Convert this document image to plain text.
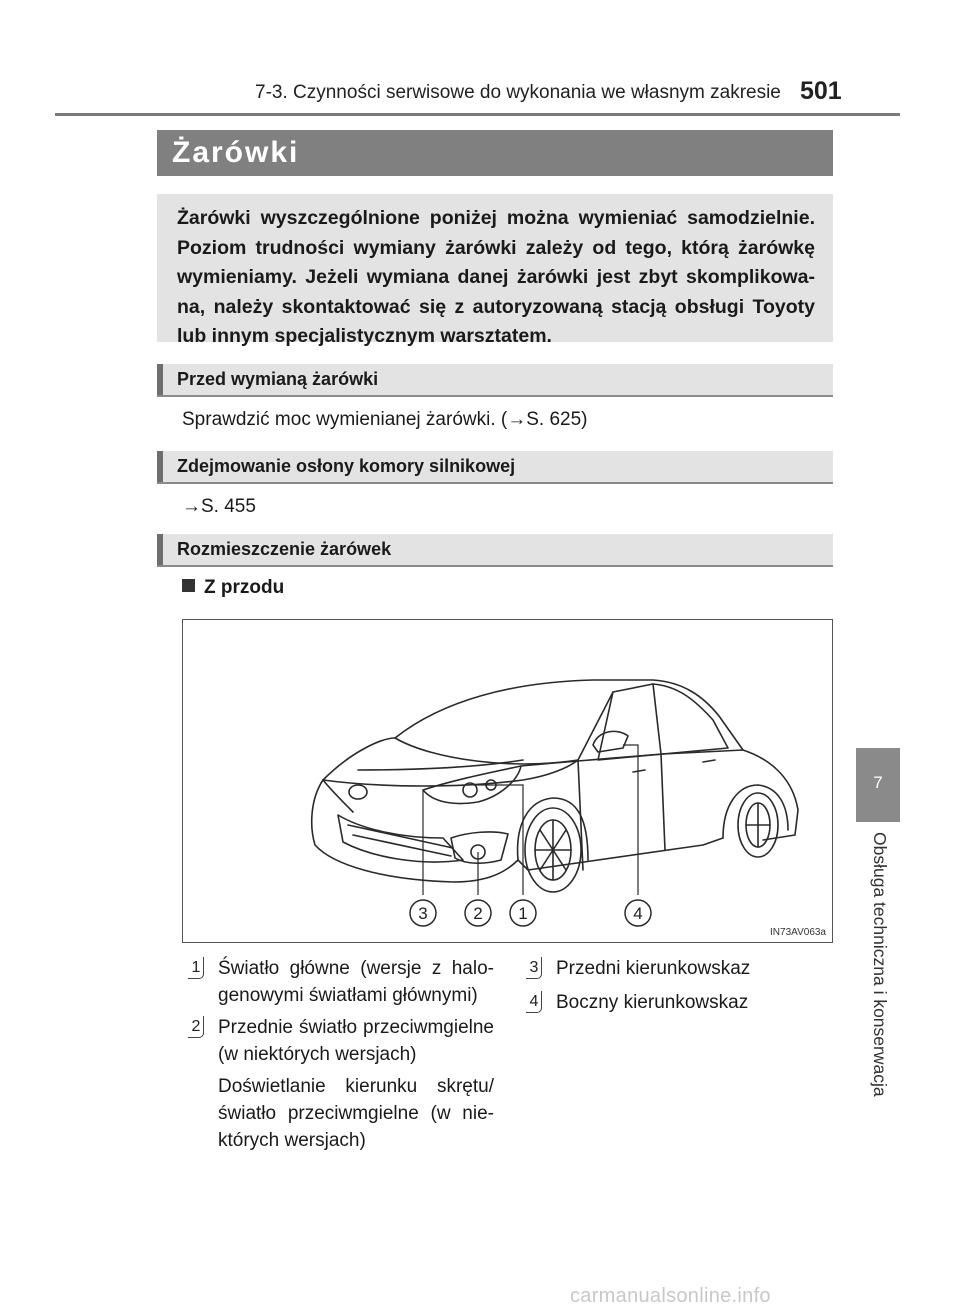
7-3. Czynności serwisowe do wykonania we własnym zakresie 501
Żarówki

Żarówki wyszczególnione poniżej można wymieniać samodzielnie. Poziom trudności wymiany żarówki zależy od tego, którą żarówkę wymieniamy. Jeżeli wymiana danej żarówki jest zbyt skomplikowana, należy skontaktować się z autoryzowaną stacją obsługi Toyoty lub innym specjalistycznym warsztatem.

Przed wymianą żarówki
Sprawdzić moc wymienianej żarówki. (→S. 625)
Zdejmowanie osłony komory silnikowej
→S. 455
Rozmieszczenie żarówek
Z przodu
3	2 1	4
IN73AV063a
1 Światło główne (wersje z halogenowymi światłami głównymi)
2 Przednie światło przeciwmgielne (w niektórych wersjach)
Doświetlanie kierunku skrętu/ światło przeciwmgielne (w niektórych wersjach)
3 Przedni kierunkowskaz
4 Boczny kierunkowskaz
7
Obsługa techniczna i konserwacja
carmanualsonline.info
